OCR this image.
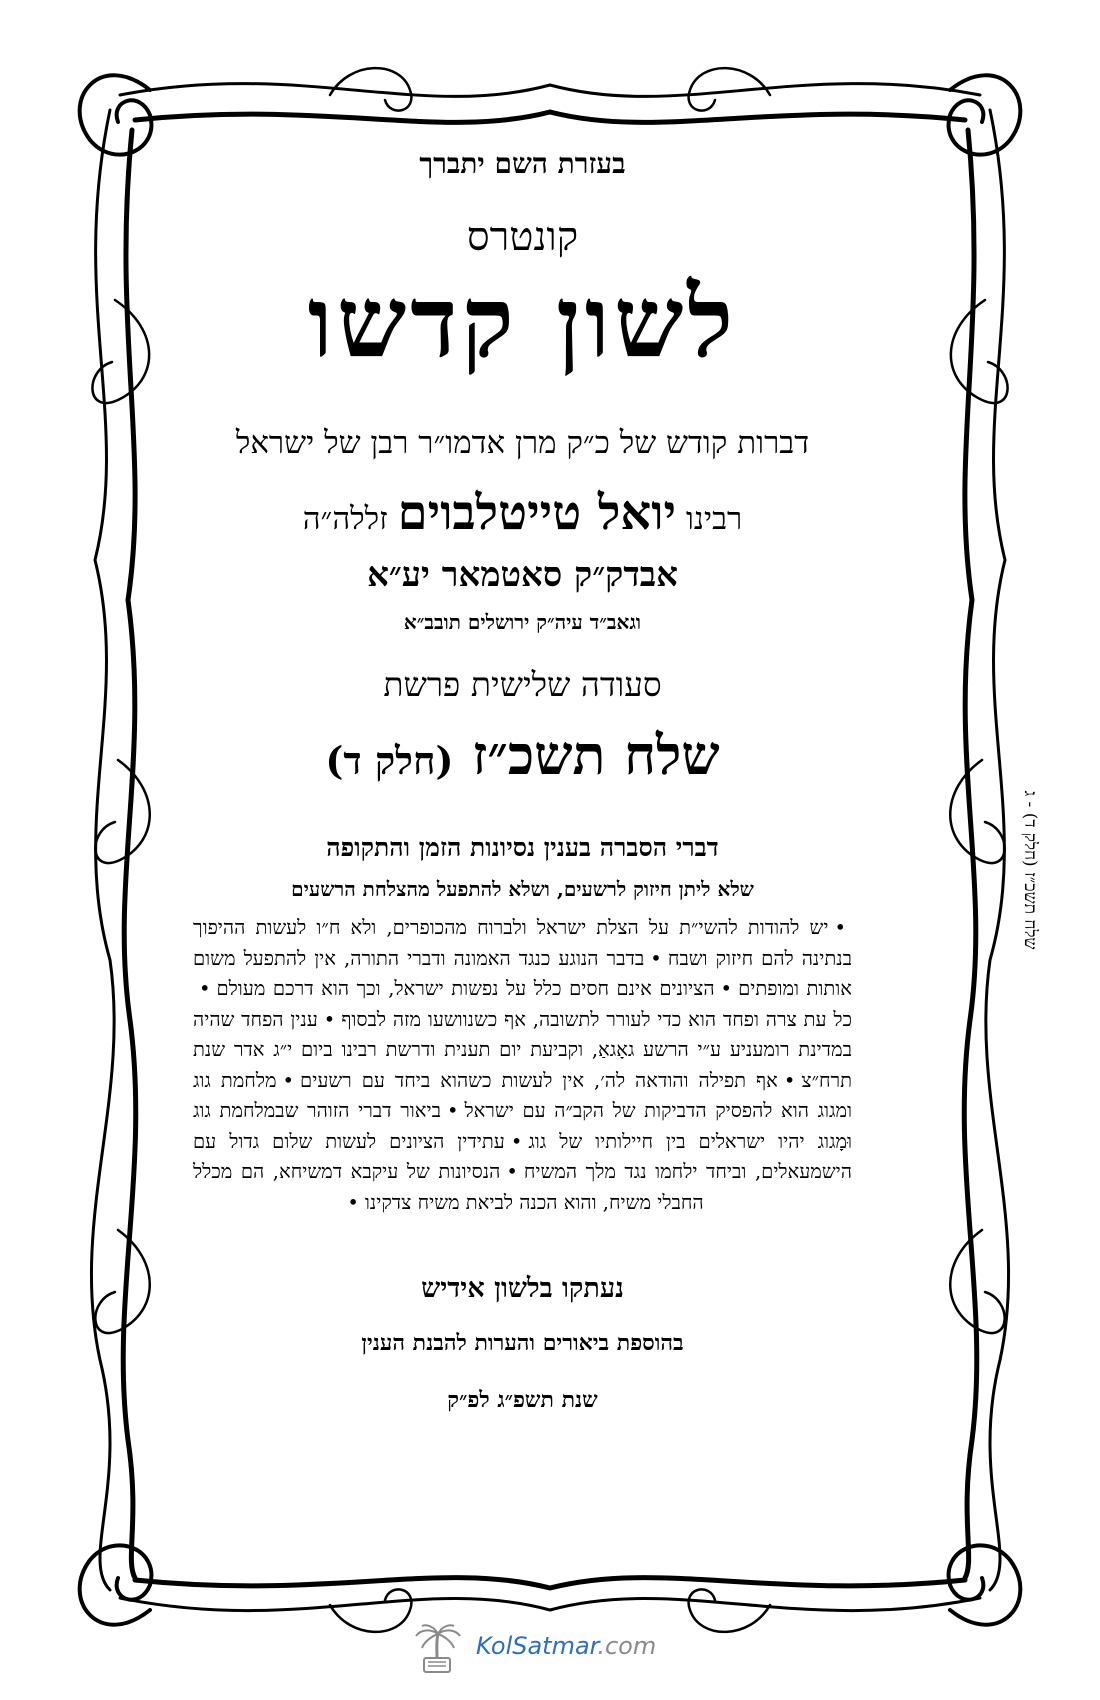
בעזרת השם יתברך
קונטרס
לשון קדשו
דברות קודש של כ״ק מרן אדמו״ר רבן של ישראל
רבינו יואל טייטלבוים זללה״ה
אבדק״ק סאטמאר יע״א
וגאב״ד עיה״ק ירושלים תובב״א
סעודה שלישית פרשת
שלח תשכ״ז (חלק ד)
דברי הסברה בענין נסיונות הזמן והתקופה
שלא ליתן חיזוק לרשעים, ושלא להתפעל מהצלחת הרשעים
•יש להודות להשי״ת על הצלת ישראל ולברוח מהכופרים, ולא ח״ו לעשות ההיפוך בנתינה להם חיזוק ושבח•בדבר הנוגע כנגד האמונה ודברי התורה, אין להתפעל משום אותות ומופתים•הציונים אינם חסים כלל על נפשות ישראל, וכך הוא דרכם מעולם•כל עת צרה ופחד הוא כדי לעורר לתשובה, אף כשנוושעו מזה לבסוף•ענין הפחד שהיה במדינת רומעניע ע״י הרשע גאָגאַ, וקביעת יום תענית ודרשת רבינו ביום י״ג אדר שנת תרח״צ•אף תפילה והודאה לה׳, אין לעשות כשהוא ביחד עם רשעים•מלחמת גוג ומגוג הוא להפסיק הדביקות של הקב״ה עם ישראל•ביאור דברי הזוהר שבמלחמת גוג וּמָגוג יהיו ישראלים בין חיילותיו של גוג•עתידין הציונים לעשות שלום גדול עם הישמעאלים, וביחד ילחמו נגד מלך המשיח•הנסיונות של עיקבא דמשיחא, הם מכלל החבלי משיח, והוא הכנה לביאת משיח צדקינו•
נעתקו בלשון אידיש
בהוספת ביאורים והערות להבנת הענין
שנת תשפ״ג לפ״ק
שלח תשכ״ז (חלק ד) - ג
KolSatmar.com
